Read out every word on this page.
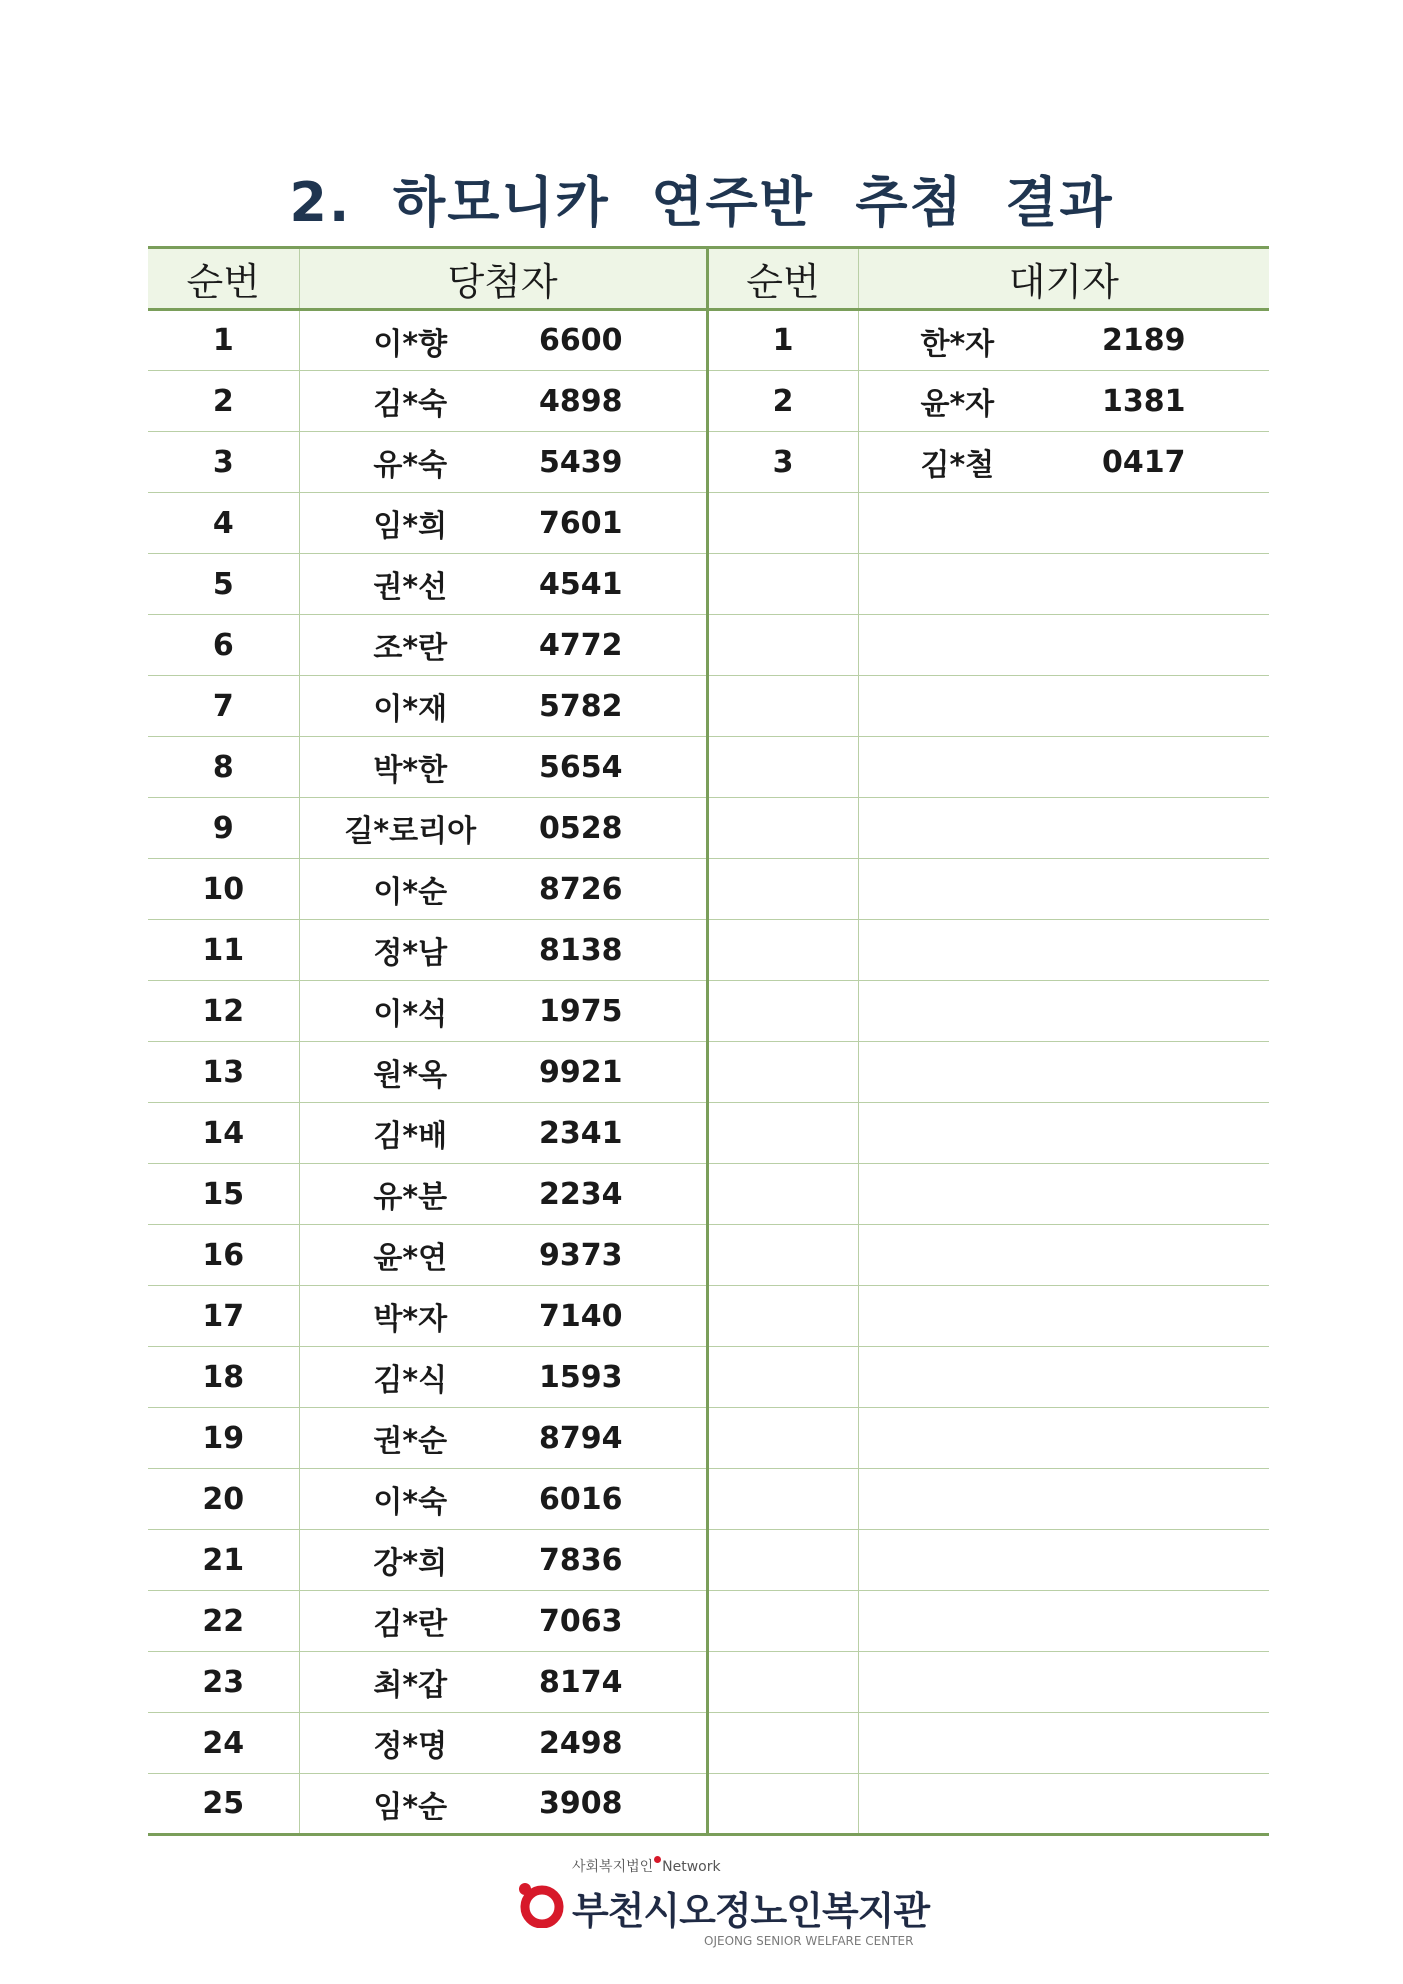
2.  하모니카  연주반  추첨  결과
순번	당첨자		순번	대기자	
1	이*향	6600	1	한*자	2189
2	김*숙	4898	2	윤*자	1381
3	유*숙	5439	3	김*철	0417
4	임*희	7601			
5	권*선	4541			
6	조*란	4772			
7	이*재	5782			
8	박*한	5654			
9	길*로리아	0528			
10	이*순	8726			
11	정*남	8138			
12	이*석	1975			
13	원*옥	9921			
14	김*배	2341			
15	유*분	2234			
16	윤*연	9373			
17	박*자	7140			
18	김*식	1593			
19	권*순	8794			
20	이*숙	6016			
21	강*희	7836			
22	김*란	7063			
23	최*갑	8174			
24	정*명	2498			
25	임*순	3908			
사회복지법인 Network
부천시오정노인복지관
OJEONG SENIOR WELFARE CENTER
